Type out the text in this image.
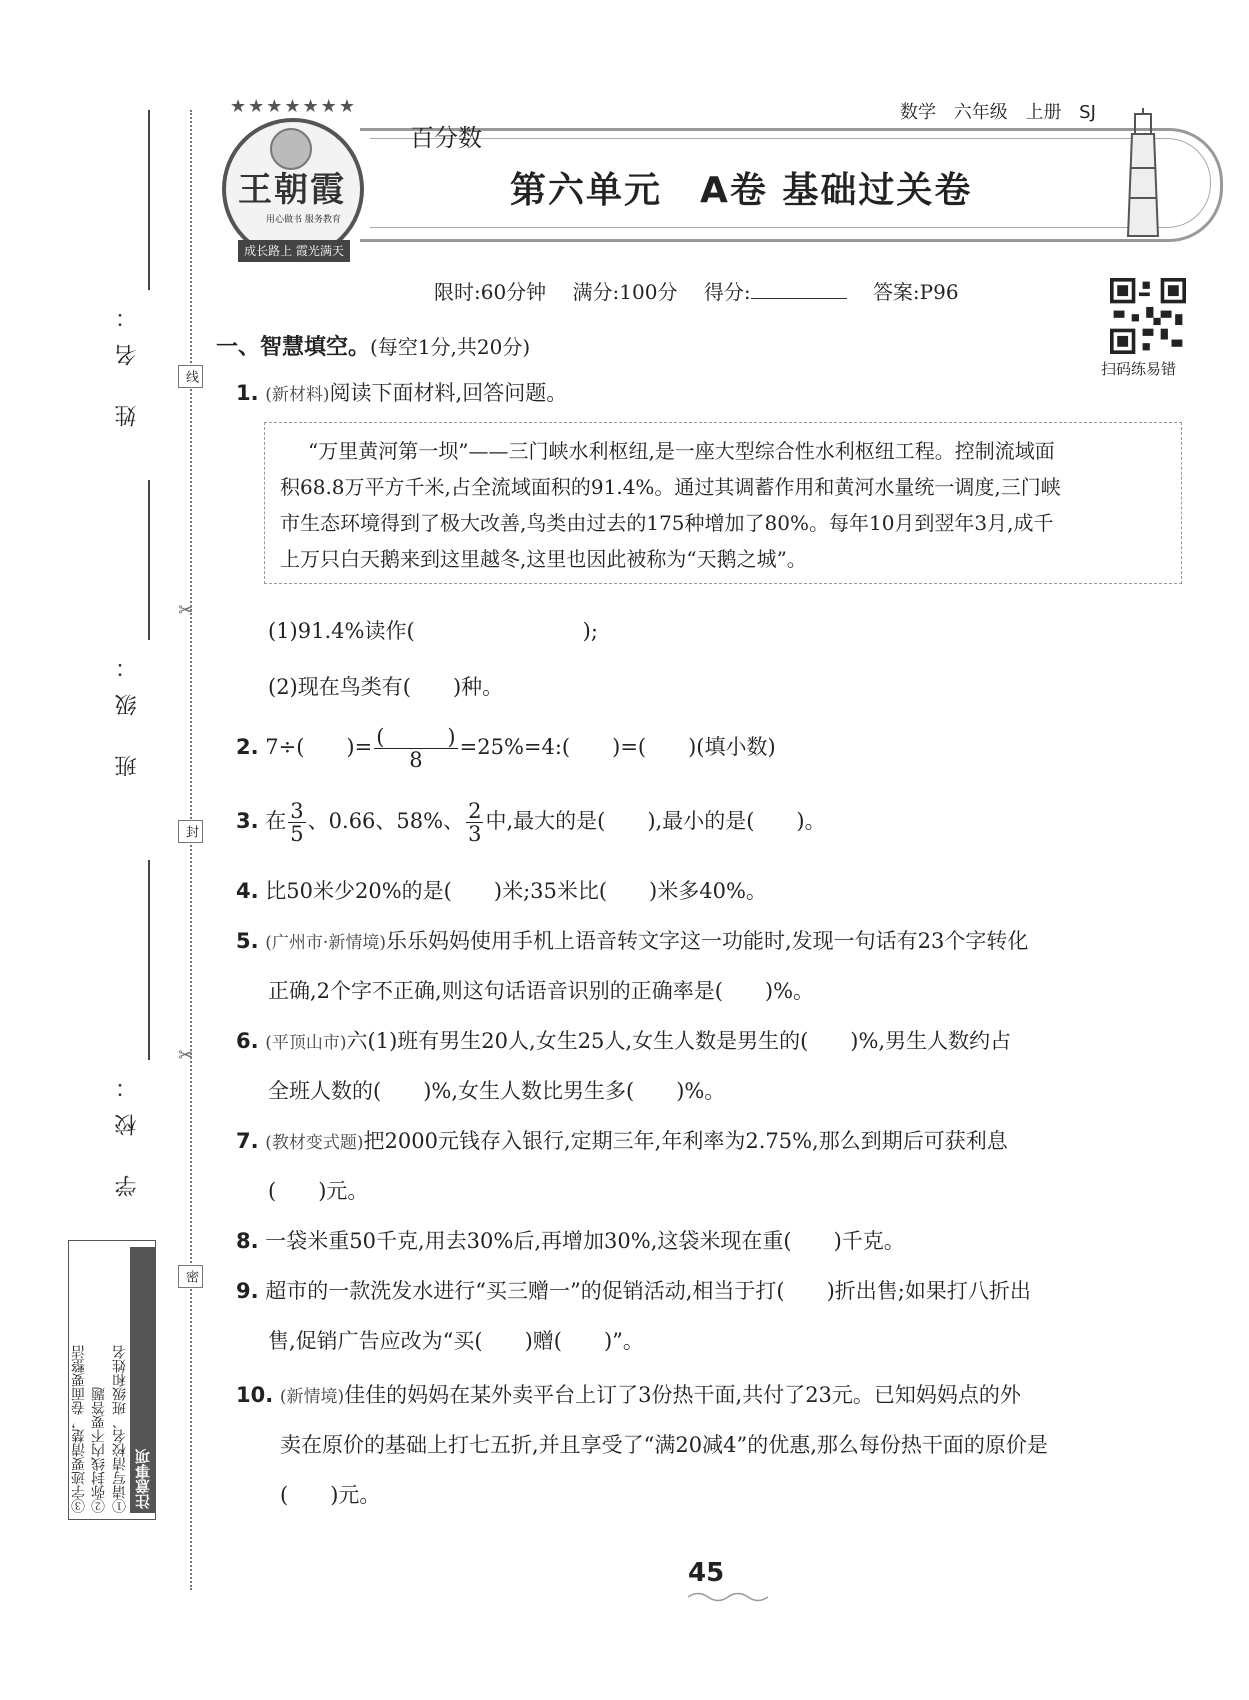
姓 名：
班 级：
学 校：
线
封
密
✂
✂
注意事项
①请写清校名、班级和姓名
②弥封线内不要答题
③字迹要清楚，卷面要整洁
★★★★★★★
王朝霞
用心做书 服务教育
成长路上 霞光满天
百分数
数学 六年级 上册 SJ
第六单元　A卷 基础过关卷
限时:60分钟　 满分:100分　 得分:　	答案:P96
扫码练易错
一、智慧填空。(每空1分,共20分)
1. (新材料)阅读下面材料,回答问题。
“万里黄河第一坝”——三门峡水利枢纽,是一座大型综合性水利枢纽工程。控制流域面
积68.8万平方千米,占全流域面积的91.4%。通过其调蓄作用和黄河水量统一调度,三门峡
市生态环境得到了极大改善,鸟类由过去的175种增加了80%。每年10月到翌年3月,成千
上万只白天鹅来到这里越冬,这里也因此被称为“天鹅之城”。
(1)91.4%读作(　　　　　　　　);
(2)现在鸟类有(　　)种。
2. 7÷(　　)= $\frac{( )}{8}$ =25%=4:(　　)=(　　)(填小数)
3. 在 $\frac{3}{5}$ 、0.66、58%、 $\frac{2}{3}$ 中,最大的是(　　),最小的是(　　)。
4. 比50米少20%的是(　　)米;35米比(　　)米多40%。
5. (广州市·新情境)乐乐妈妈使用手机上语音转文字这一功能时,发现一句话有23个字转化
正确,2个字不正确,则这句话语音识别的正确率是(　　)%。
6. (平顶山市)六(1)班有男生20人,女生25人,女生人数是男生的(　　)%,男生人数约占
全班人数的(　　)%,女生人数比男生多(　　)%。
7. (教材变式题)把2000元钱存入银行,定期三年,年利率为2.75%,那么到期后可获利息
(　　)元。
8. 一袋米重50千克,用去30%后,再增加30%,这袋米现在重(　　)千克。
9. 超市的一款洗发水进行“买三赠一”的促销活动,相当于打(　　)折出售;如果打八折出
售,促销广告应改为“买(　　)赠(　　)”。
10. (新情境)佳佳的妈妈在某外卖平台上订了3份热干面,共付了23元。已知妈妈点的外
卖在原价的基础上打七五折,并且享受了“满20减4”的优惠,那么每份热干面的原价是
(　　)元。
45
